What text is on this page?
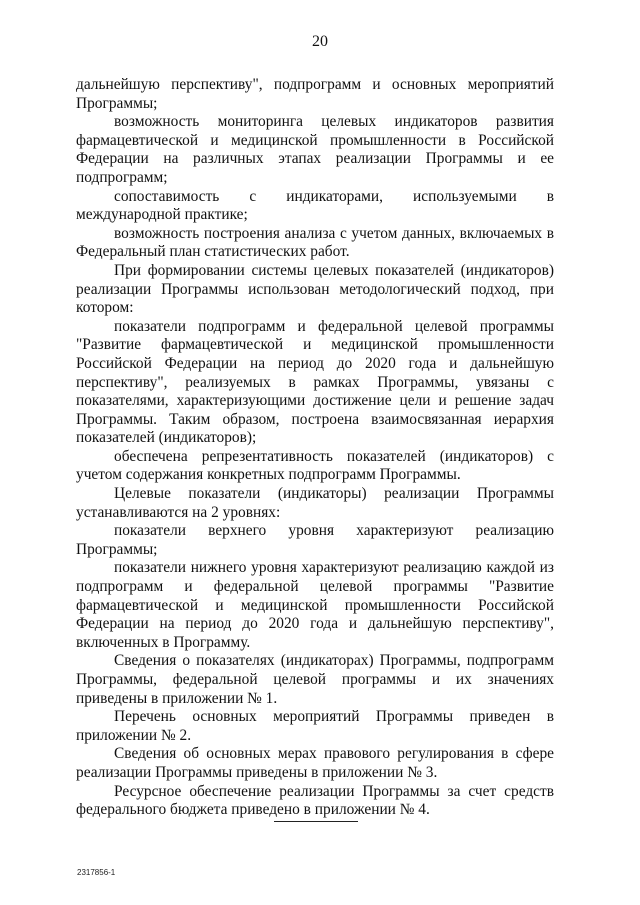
20

дальнейшую перспективу", подпрограмм и основных мероприятий Программы;

возможность мониторинга целевых индикаторов развития фармацевтической и медицинской промышленности в Российской Федерации на различных этапах реализации Программы и ее подпрограмм;

сопоставимость с индикаторами, используемыми в международной практике;

возможность построения анализа с учетом данных, включаемых в Федеральный план статистических работ.

При формировании системы целевых показателей (индикаторов) реализации Программы использован методологический подход, при котором:

показатели подпрограмм и федеральной целевой программы "Развитие фармацевтической и медицинской промышленности Российской Федерации на период до 2020 года и дальнейшую перспективу", реализуемых в рамках Программы, увязаны с показателями, характеризующими достижение цели и решение задач Программы. Таким образом, построена взаимосвязанная иерархия показателей (индикаторов);

обеспечена репрезентативность показателей (индикаторов) с учетом содержания конкретных подпрограмм Программы.

Целевые показатели (индикаторы) реализации Программы устанавливаются на 2 уровнях:

показатели верхнего уровня характеризуют реализацию Программы;

показатели нижнего уровня характеризуют реализацию каждой из подпрограмм и федеральной целевой программы "Развитие фармацевтической и медицинской промышленности Российской Федерации на период до 2020 года и дальнейшую перспективу", включенных в Программу.

Сведения о показателях (индикаторах) Программы, подпрограмм Программы, федеральной целевой программы и их значениях приведены в приложении № 1.

Перечень основных мероприятий Программы приведен в приложении № 2.

Сведения об основных мерах правового регулирования в сфере реализации Программы приведены в приложении № 3.

Ресурсное обеспечение реализации Программы за счет средств федерального бюджета приведено в приложении № 4.

2317856-1
